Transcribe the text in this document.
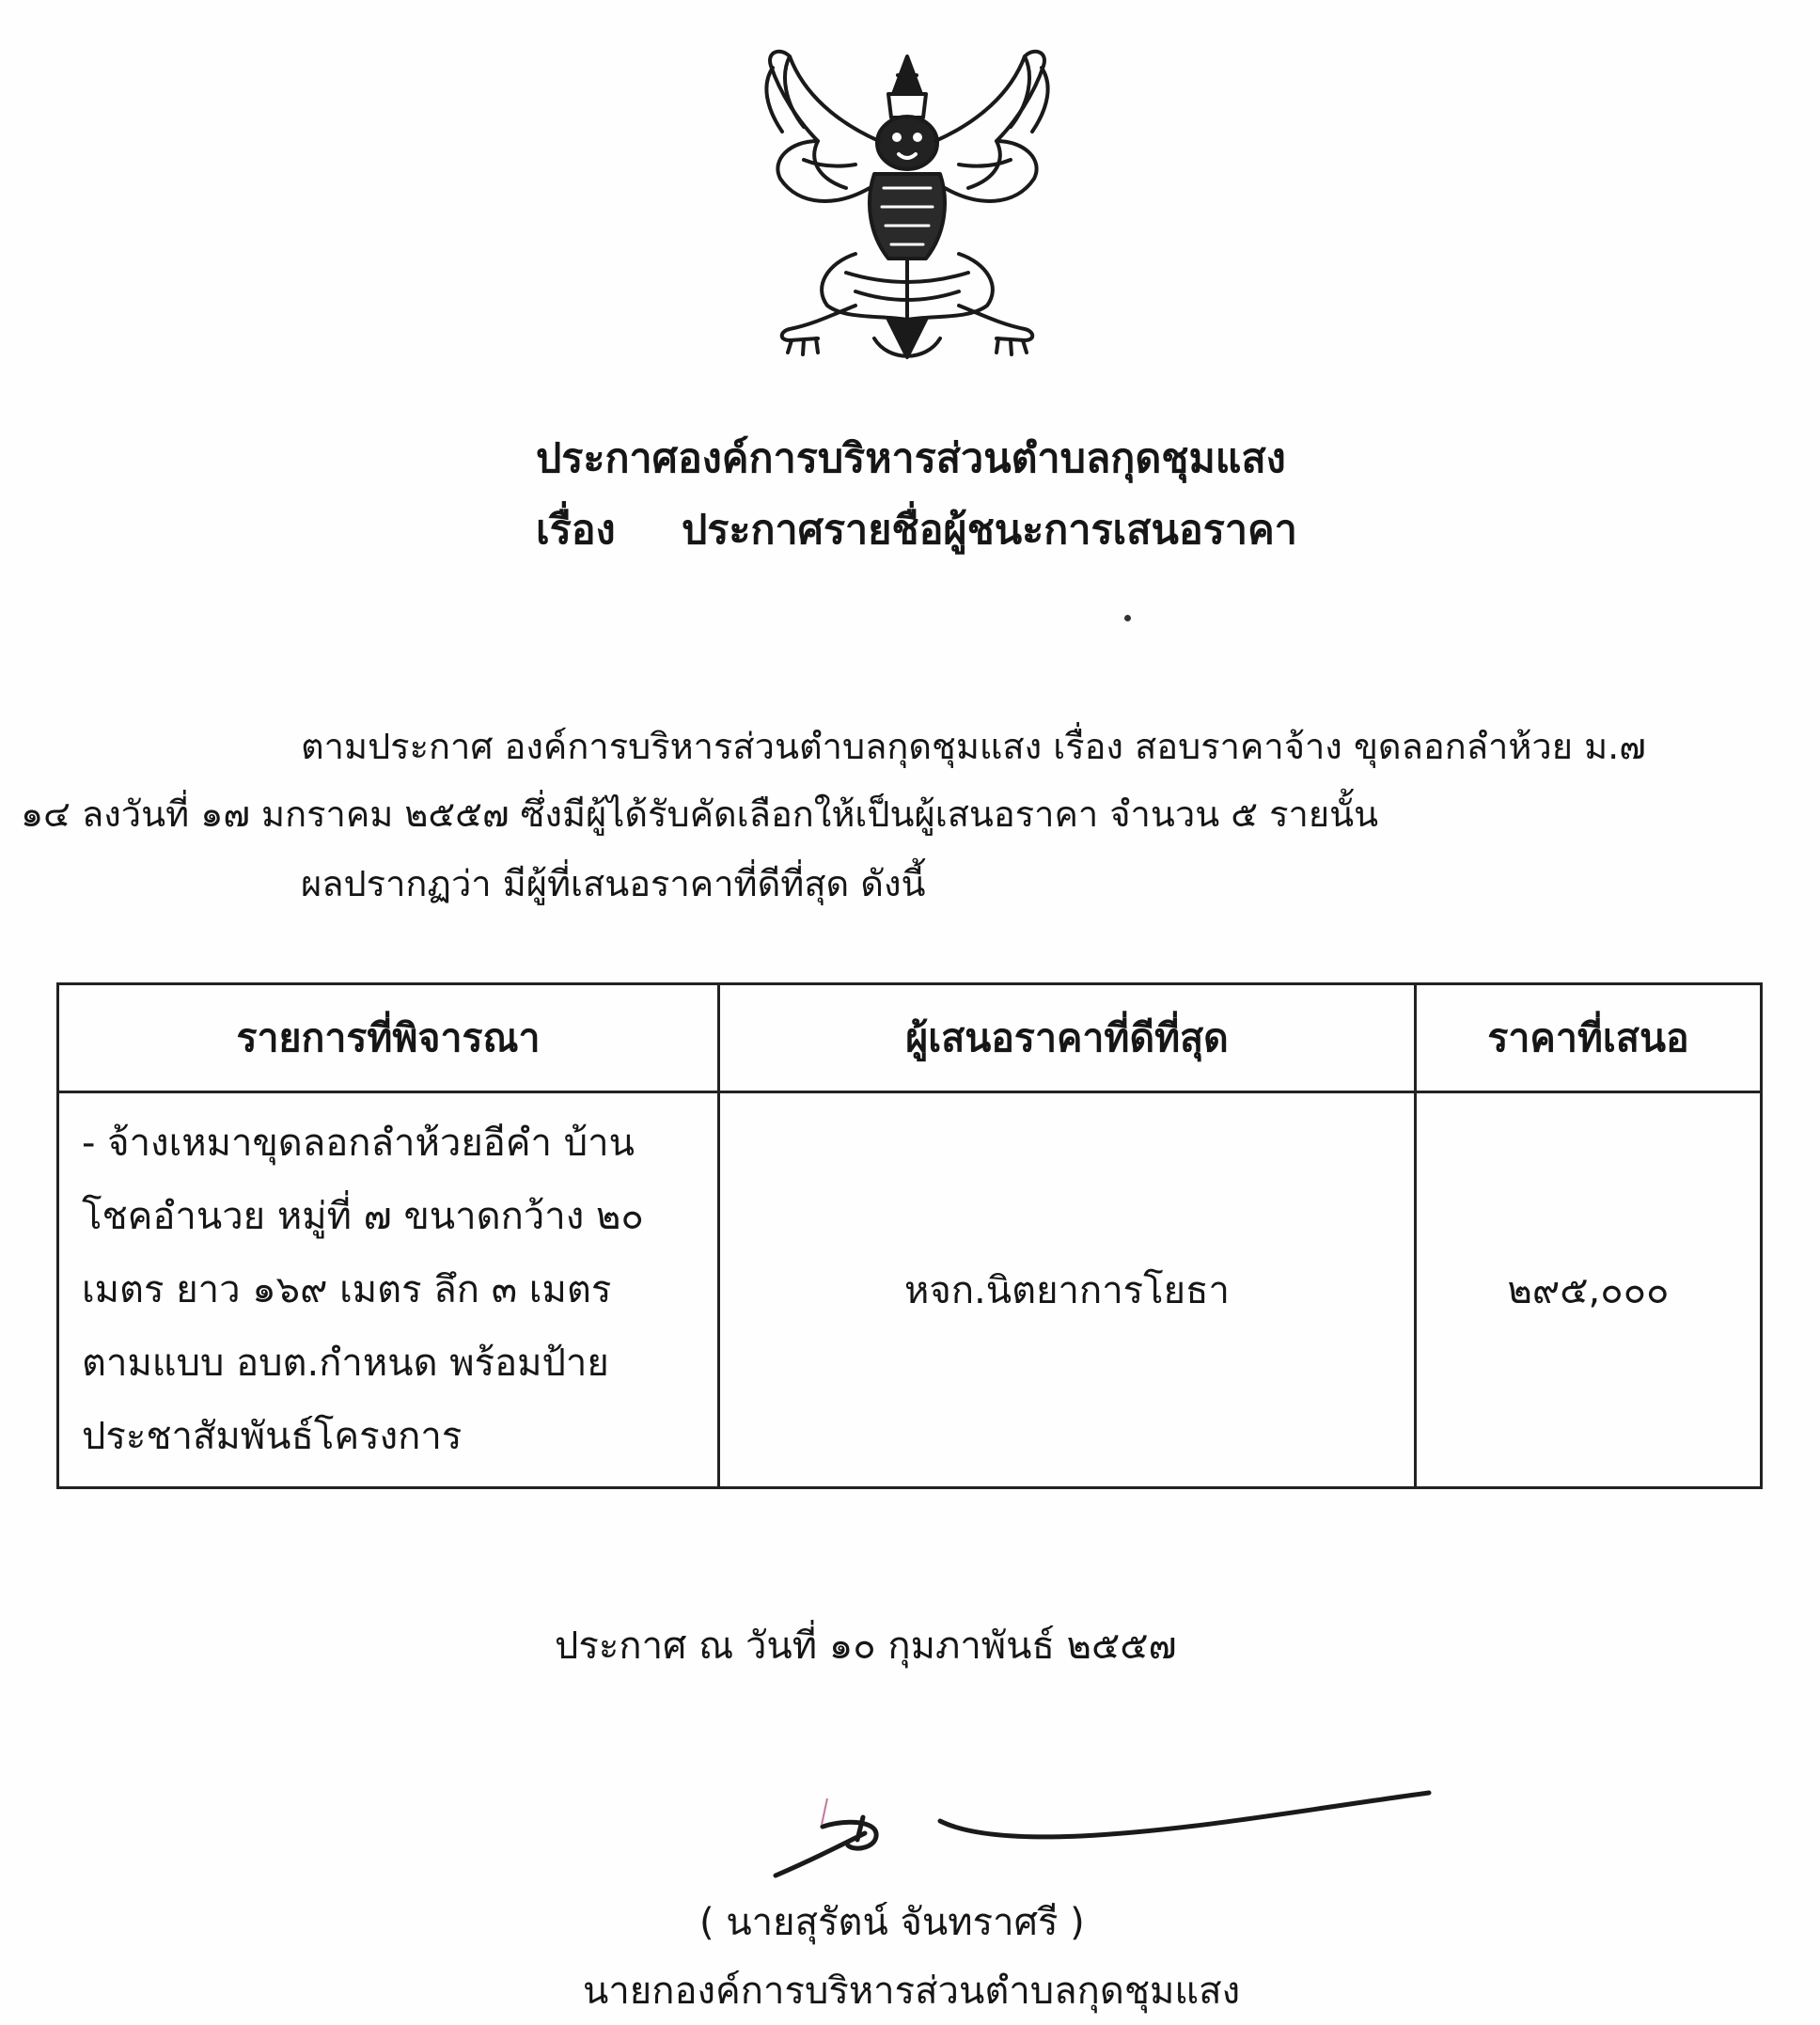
ประกาศองค์การบริหารส่วนตำบลกุดชุมแสง
เรื่อง ประกาศรายชื่อผู้ชนะการเสนอราคา
ตามประกาศ องค์การบริหารส่วนตำบลกุดชุมแสง เรื่อง สอบราคาจ้าง ขุดลอกลำห้วย ม.๗
๑๔ ลงวันที่ ๑๗ มกราคม ๒๕๕๗ ซึ่งมีผู้ได้รับคัดเลือกให้เป็นผู้เสนอราคา จำนวน ๕ รายนั้น
ผลปรากฏว่า มีผู้ที่เสนอราคาที่ดีที่สุด ดังนี้
รายการที่พิจารณา	ผู้เสนอราคาที่ดีที่สุด	ราคาที่เสนอ

- จ้างเหมาขุดลอกลำห้วยอีคำ บ้าน
โชคอำนวย หมู่ที่ ๗ ขนาดกว้าง ๒๐
เมตร ยาว ๑๖๙ เมตร ลึก ๓ เมตร
ตามแบบ อบต.กำหนด พร้อมป้าย
ประชาสัมพันธ์โครงการ	หจก.นิตยาการโยธา	๒๙๕,๐๐๐
ประกาศ ณ วันที่ ๑๐ กุมภาพันธ์ ๒๕๕๗
( นายสุรัตน์ จันทราศรี )
นายกองค์การบริหารส่วนตำบลกุดชุมแสง
